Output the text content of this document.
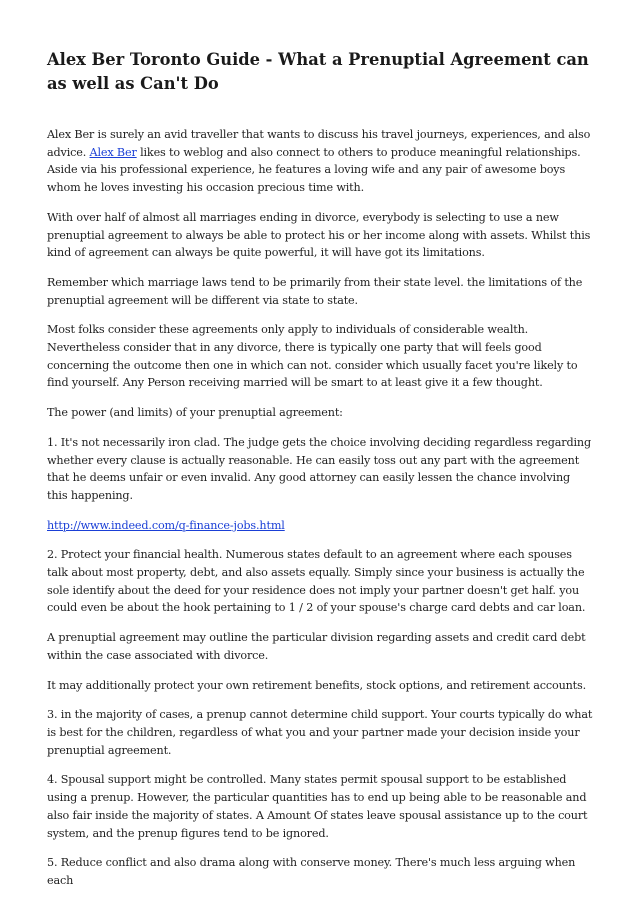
Alex Ber Toronto Guide - What a Prenuptial Agreement can as well as Can't Do

Alex Ber is surely an avid traveller that wants to discuss his travel journeys, experiences, and also advice. Alex Ber likes to weblog and also connect to others to produce meaningful relationships. Aside via his professional experience, he features a loving wife and any pair of awesome boys whom he loves investing his occasion precious time with.

With over half of almost all marriages ending in divorce, everybody is selecting to use a new prenuptial agreement to always be able to protect his or her income along with assets. Whilst this kind of agreement can always be quite powerful, it will have got its limitations.

Remember which marriage laws tend to be primarily from their state level. the limitations of the prenuptial agreement will be different via state to state.

Most folks consider these agreements only apply to individuals of considerable wealth. Nevertheless consider that in any divorce, there is typically one party that will feels good concerning the outcome then one in which can not. consider which usually facet you're likely to find yourself. Any Person receiving married will be smart to at least give it a few thought.

The power (and limits) of your prenuptial agreement:

1. It's not necessarily iron clad. The judge gets the choice involving deciding regardless regarding whether every clause is actually reasonable. He can easily toss out any part with the agreement that he deems unfair or even invalid. Any good attorney can easily lessen the chance involving this happening.

http://www.indeed.com/q-finance-jobs.html

2. Protect your financial health. Numerous states default to an agreement where each spouses talk about most property, debt, and also assets equally. Simply since your business is actually the sole identify about the deed for your residence does not imply your partner doesn't get half. you could even be about the hook pertaining to 1 / 2 of your spouse's charge card debts and car loan.

A prenuptial agreement may outline the particular division regarding assets and credit card debt within the case associated with divorce.

It may additionally protect your own retirement benefits, stock options, and retirement accounts.

3. in the majority of cases, a prenup cannot determine child support. Your courts typically do what is best for the children, regardless of what you and your partner made your decision inside your prenuptial agreement.

4. Spousal support might be controlled. Many states permit spousal support to be established using a prenup. However, the particular quantities has to end up being able to be reasonable and also fair inside the majority of states. A Amount Of states leave spousal assistance up to the court system, and the prenup figures tend to be ignored.

5. Reduce conflict and also drama along with conserve money. There's much less arguing when each
